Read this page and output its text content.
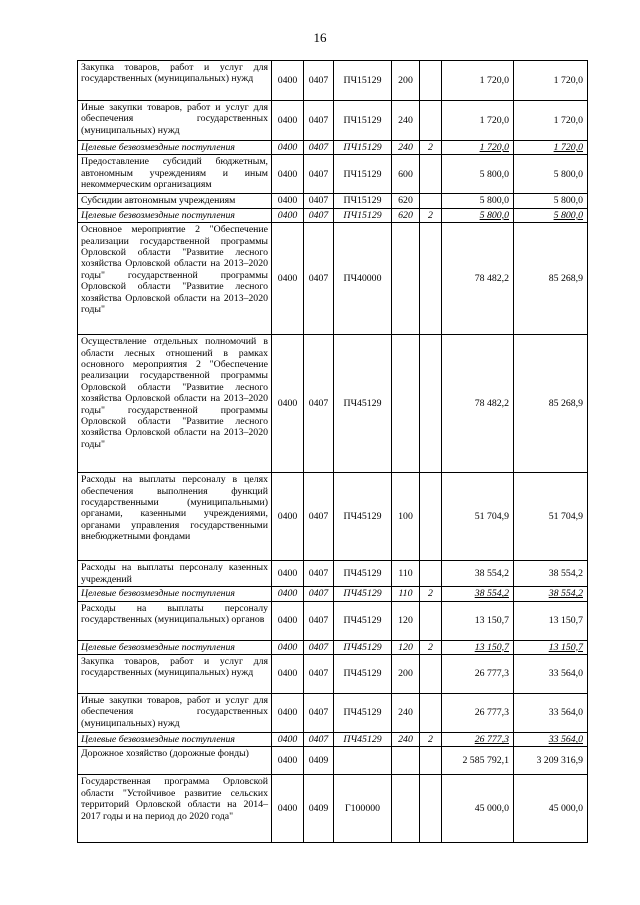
16
Закупка товаров, работ и услуг для государственных (муниципальных) нужд	0400	0407	ПЧ15129	200		1 720,0	1 720,0
Иные закупки товаров, работ и услуг для обеспечения государственных (муниципальных) нужд	0400	0407	ПЧ15129	240		1 720,0	1 720,0
Целевые безвозмездные поступления	0400	0407	ПЧ15129	240	2	1 720,0	1 720,0
Предоставление субсидий бюджетным, автономным учреждениям и иным некоммерческим организациям	0400	0407	ПЧ15129	600		5 800,0	5 800,0
Субсидии автономным учреждениям	0400	0407	ПЧ15129	620		5 800,0	5 800,0
Целевые безвозмездные поступления	0400	0407	ПЧ15129	620	2	5 800,0	5 800,0
Основное мероприятие 2 "Обеспечение реализации государственной программы Орловской области "Развитие лесного хозяйства Орловской области на 2013–2020 годы" государственной программы Орловской области "Развитие лесного хозяйства Орловской области на 2013–2020 годы"	0400	0407	ПЧ40000			78 482,2	85 268,9
Осуществление отдельных полномочий в области лесных отношений в рамках основного мероприятия 2 "Обеспечение реализации государственной программы Орловской области "Развитие лесного хозяйства Орловской области на 2013–2020 годы" государственной программы Орловской области "Развитие лесного хозяйства Орловской области на 2013–2020 годы"	0400	0407	ПЧ45129			78 482,2	85 268,9
Расходы на выплаты персоналу в целях обеспечения выполнения функций государственными (муниципальными) органами, казенными учреждениями, органами управления государственными внебюджетными фондами	0400	0407	ПЧ45129	100		51 704,9	51 704,9
Расходы на выплаты персоналу казенных учреждений	0400	0407	ПЧ45129	110		38 554,2	38 554,2
Целевые безвозмездные поступления	0400	0407	ПЧ45129	110	2	38 554,2	38 554,2
Расходы на выплаты персоналу государственных (муниципальных) органов	0400	0407	ПЧ45129	120		13 150,7	13 150,7
Целевые безвозмездные поступления	0400	0407	ПЧ45129	120	2	13 150,7	13 150,7
Закупка товаров, работ и услуг для государственных (муниципальных) нужд	0400	0407	ПЧ45129	200		26 777,3	33 564,0
Иные закупки товаров, работ и услуг для обеспечения государственных (муниципальных) нужд	0400	0407	ПЧ45129	240		26 777,3	33 564,0
Целевые безвозмездные поступления	0400	0407	ПЧ45129	240	2	26 777,3	33 564,0
Дорожное хозяйство (дорожные фонды)	0400	0409				2 585 792,1	3 209 316,9
Государственная программа Орловской области "Устойчивое развитие сельских территорий Орловской области на 2014–2017 годы и на период до 2020 года"	0400	0409	Г100000			45 000,0	45 000,0
